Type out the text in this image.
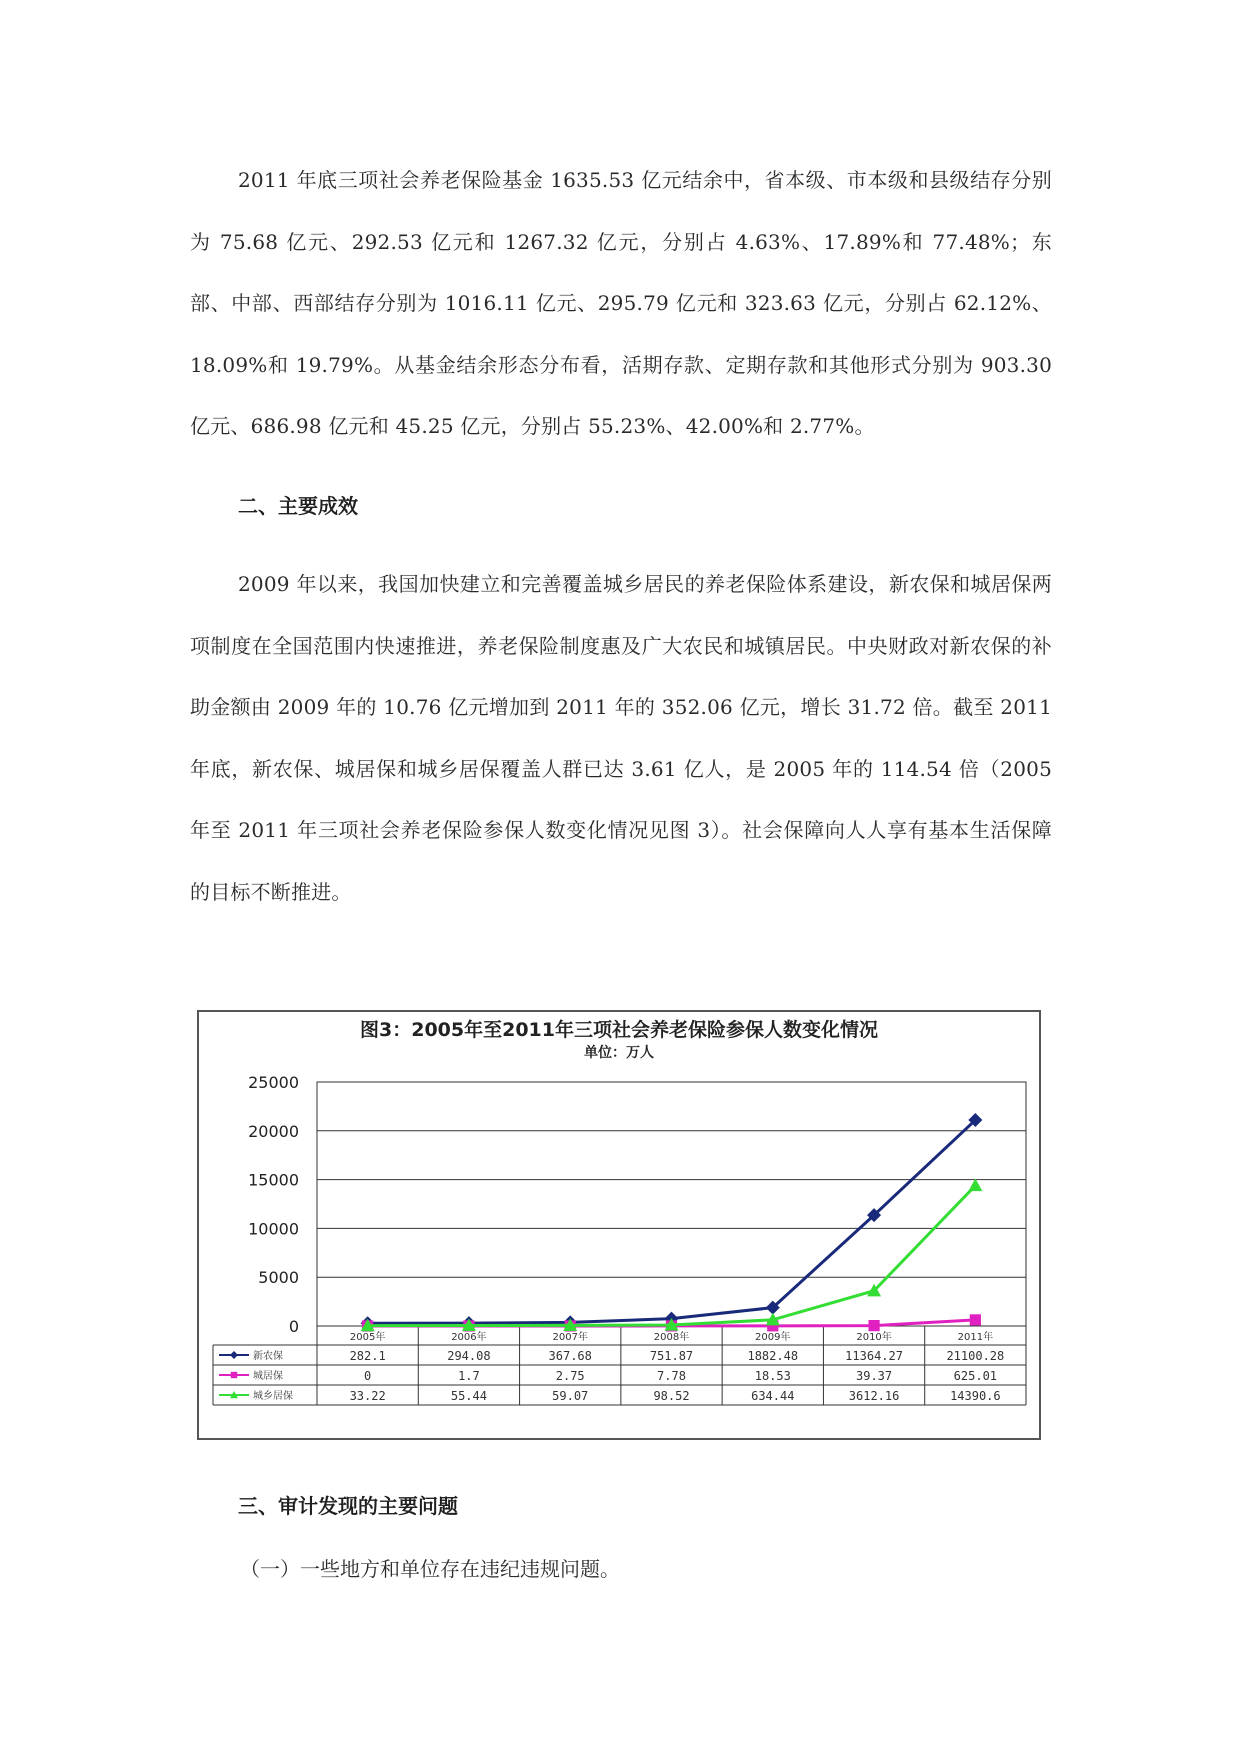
2011 年底三项社会养老保险基金 1635.53 亿元结余中，省本级、市本级和县级结存分别为 75.68 亿元、292.53 亿元和 1267.32 亿元，分别占 4.63%、17.89%和 77.48%；东部、中部、西部结存分别为 1016.11 亿元、295.79 亿元和 323.63 亿元，分别占 62.12%、18.09%和 19.79%。从基金结余形态分布看，活期存款、定期存款和其他形式分别为 903.30 亿元、686.98 亿元和 45.25 亿元，分别占 55.23%、42.00%和 2.77%。

二、主要成效

2009 年以来，我国加快建立和完善覆盖城乡居民的养老保险体系建设，新农保和城居保两项制度在全国范围内快速推进，养老保险制度惠及广大农民和城镇居民。中央财政对新农保的补助金额由 2009 年的 10.76 亿元增加到 2011 年的 352.06 亿元，增长 31.72 倍。截至 2011 年底，新农保、城居保和城乡居保覆盖人群已达 3.61 亿人，是 2005 年的 114.54 倍（2005 年至 2011 年三项社会养老保险参保人数变化情况见图 3）。社会保障向人人享有基本生活保障的目标不断推进。

图3：2005年至2011年三项社会养老保险参保人数变化情况
单位：万人
0
5000
10000
15000
20000
25000
2005年	2006年	2007年	2008年	2009年	2010年	2011年
新农保	282.1	294.08	367.68	751.87	1882.48	11364.27	21100.28
城居保	0	1.7	2.75	7.78	18.53	39.37	625.01
城乡居保	33.22	55.44	59.07	98.52	634.44	3612.16	14390.6

三、审计发现的主要问题

（一）一些地方和单位存在违纪违规问题。
